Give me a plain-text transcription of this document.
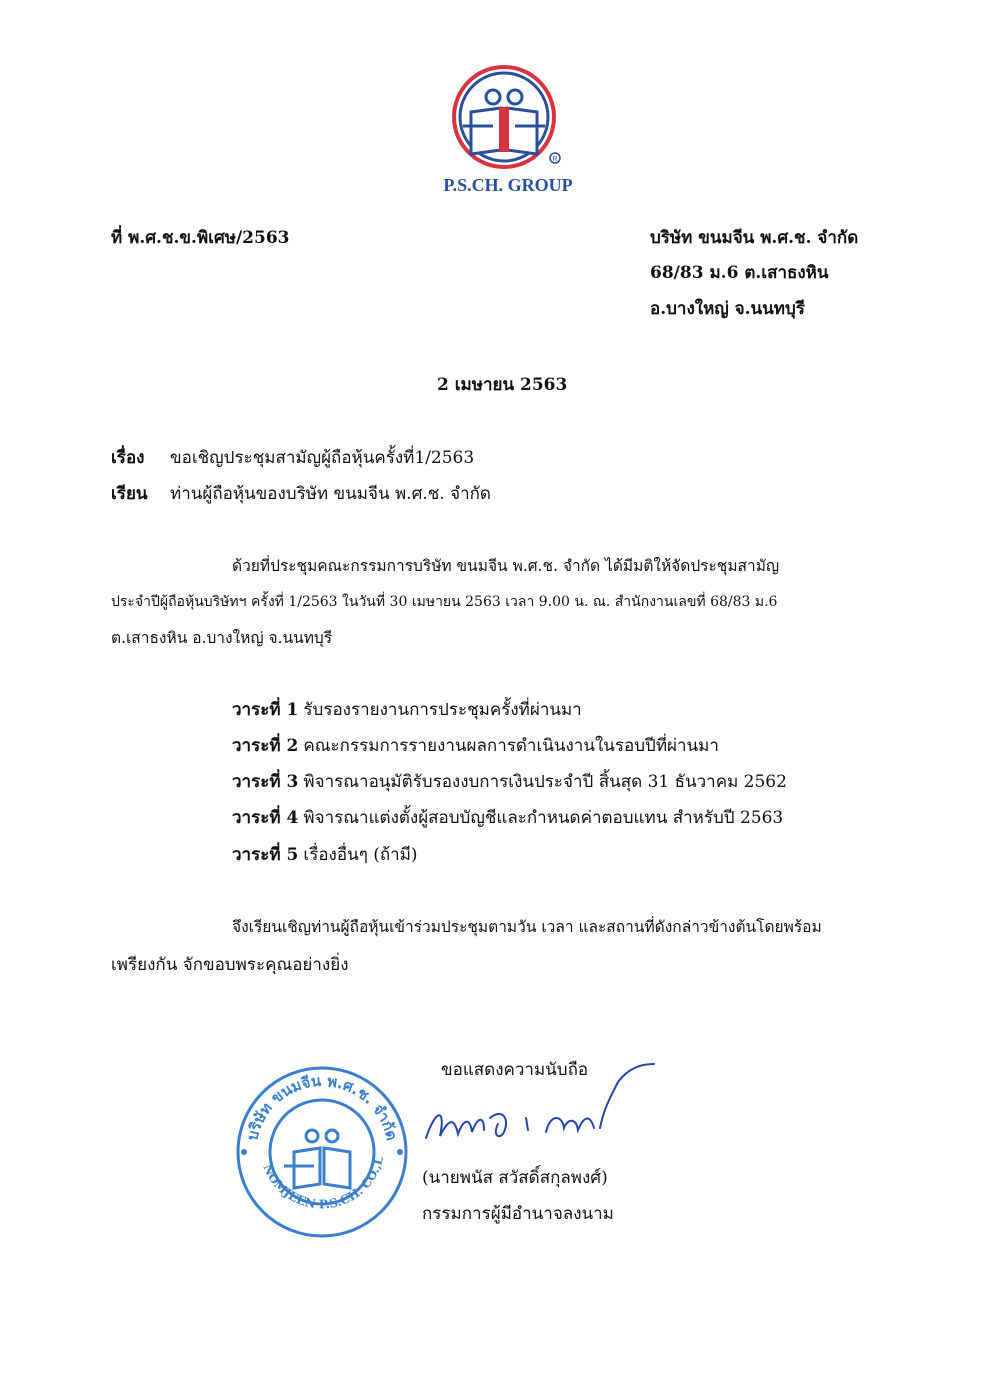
R
P.S.CH. GROUP
ที่ พ.ศ.ช.ข.พิเศษ/2563	บริษัท ขนมจีน พ.ศ.ช. จำกัด
68/83 ม.6 ต.เสาธงหิน
อ.บางใหญ่ จ.นนทบุรี
2 เมษายน 2563
เรื่อง ขอเชิญประชุมสามัญผู้ถือหุ้นครั้งที่1/2563
เรียน ท่านผู้ถือหุ้นของบริษัท ขนมจีน พ.ศ.ช. จำกัด
ด้วยที่ประชุมคณะกรรมการบริษัท ขนมจีน พ.ศ.ช. จำกัด ได้มีมติให้จัดประชุมสามัญ
ประจำปีผู้ถือหุ้นบริษัทฯ ครั้งที่ 1/2563 ในวันที่ 30 เมษายน 2563 เวลา 9.00 น. ณ. สำนักงานเลขที่ 68/83 ม.6
ต.เสาธงหิน อ.บางใหญ่ จ.นนทบุรี
วาระที่ 1 รับรองรายงานการประชุมครั้งที่ผ่านมา
วาระที่ 2 คณะกรรมการรายงานผลการดำเนินงานในรอบปีที่ผ่านมา
วาระที่ 3 พิจารณาอนุมัติรับรองงบการเงินประจำปี สิ้นสุด 31 ธันวาคม 2562
วาระที่ 4 พิจารณาแต่งตั้งผู้สอบบัญชีและกำหนดค่าตอบแทน สำหรับปี 2563
วาระที่ 5 เรื่องอื่นๆ (ถ้ามี)
จึงเรียนเชิญท่านผู้ถือหุ้นเข้าร่วมประชุมตามวัน เวลา และสถานที่ดังกล่าวข้างต้นโดยพร้อม
เพรียงกัน จักขอบพระคุณอย่างยิ่ง
ขอแสดงความนับถือ
(นายพนัส สวัสดิ์สกุลพงศ์)
กรรมการผู้มีอำนาจลงนาม
บริษัท ขนมจีน พ.ศ.ช. จำกัด
NOMJEEN P.S.CH. CO.,L
